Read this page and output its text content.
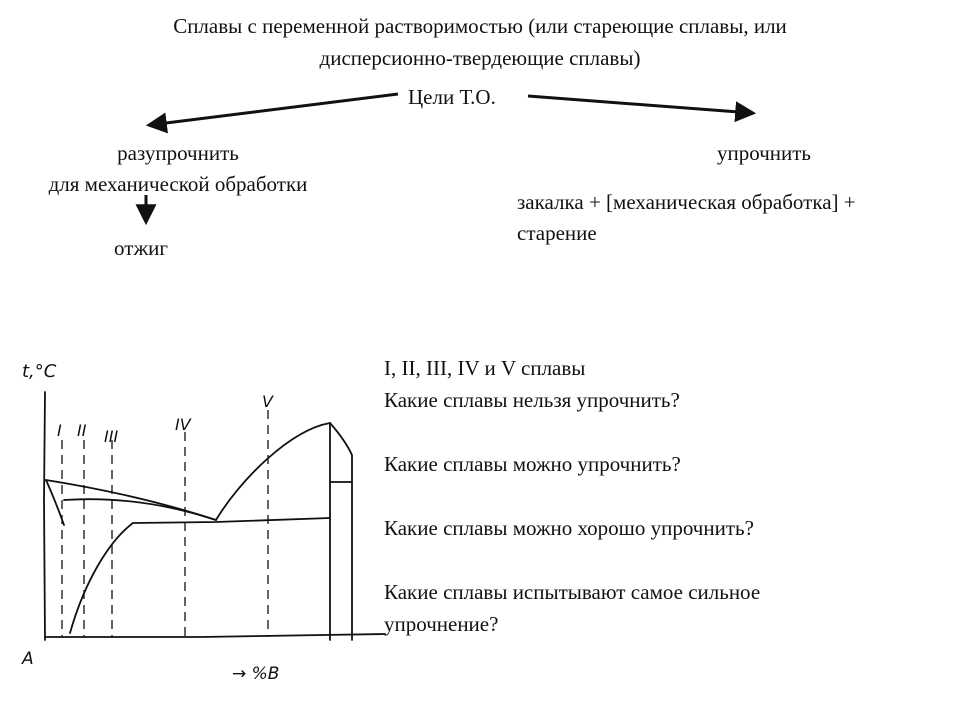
Сплавы с переменной растворимостью (или стареющие сплавы, или
дисперсионно-твердеющие сплавы)
Цели Т.О.
разупрочнить
для механической обработки
отжиг
упрочнить
закалка + [механическая обработка] +
старение
I, II, III, IV и V сплавы
Какие сплавы нельзя упрочнить?
Какие сплавы можно упрочнить?
Какие сплавы можно хорошо упрочнить?
Какие сплавы испытывают самое сильное
упрочнение?
t,°C
A
→ %B
I II III
IV
V
